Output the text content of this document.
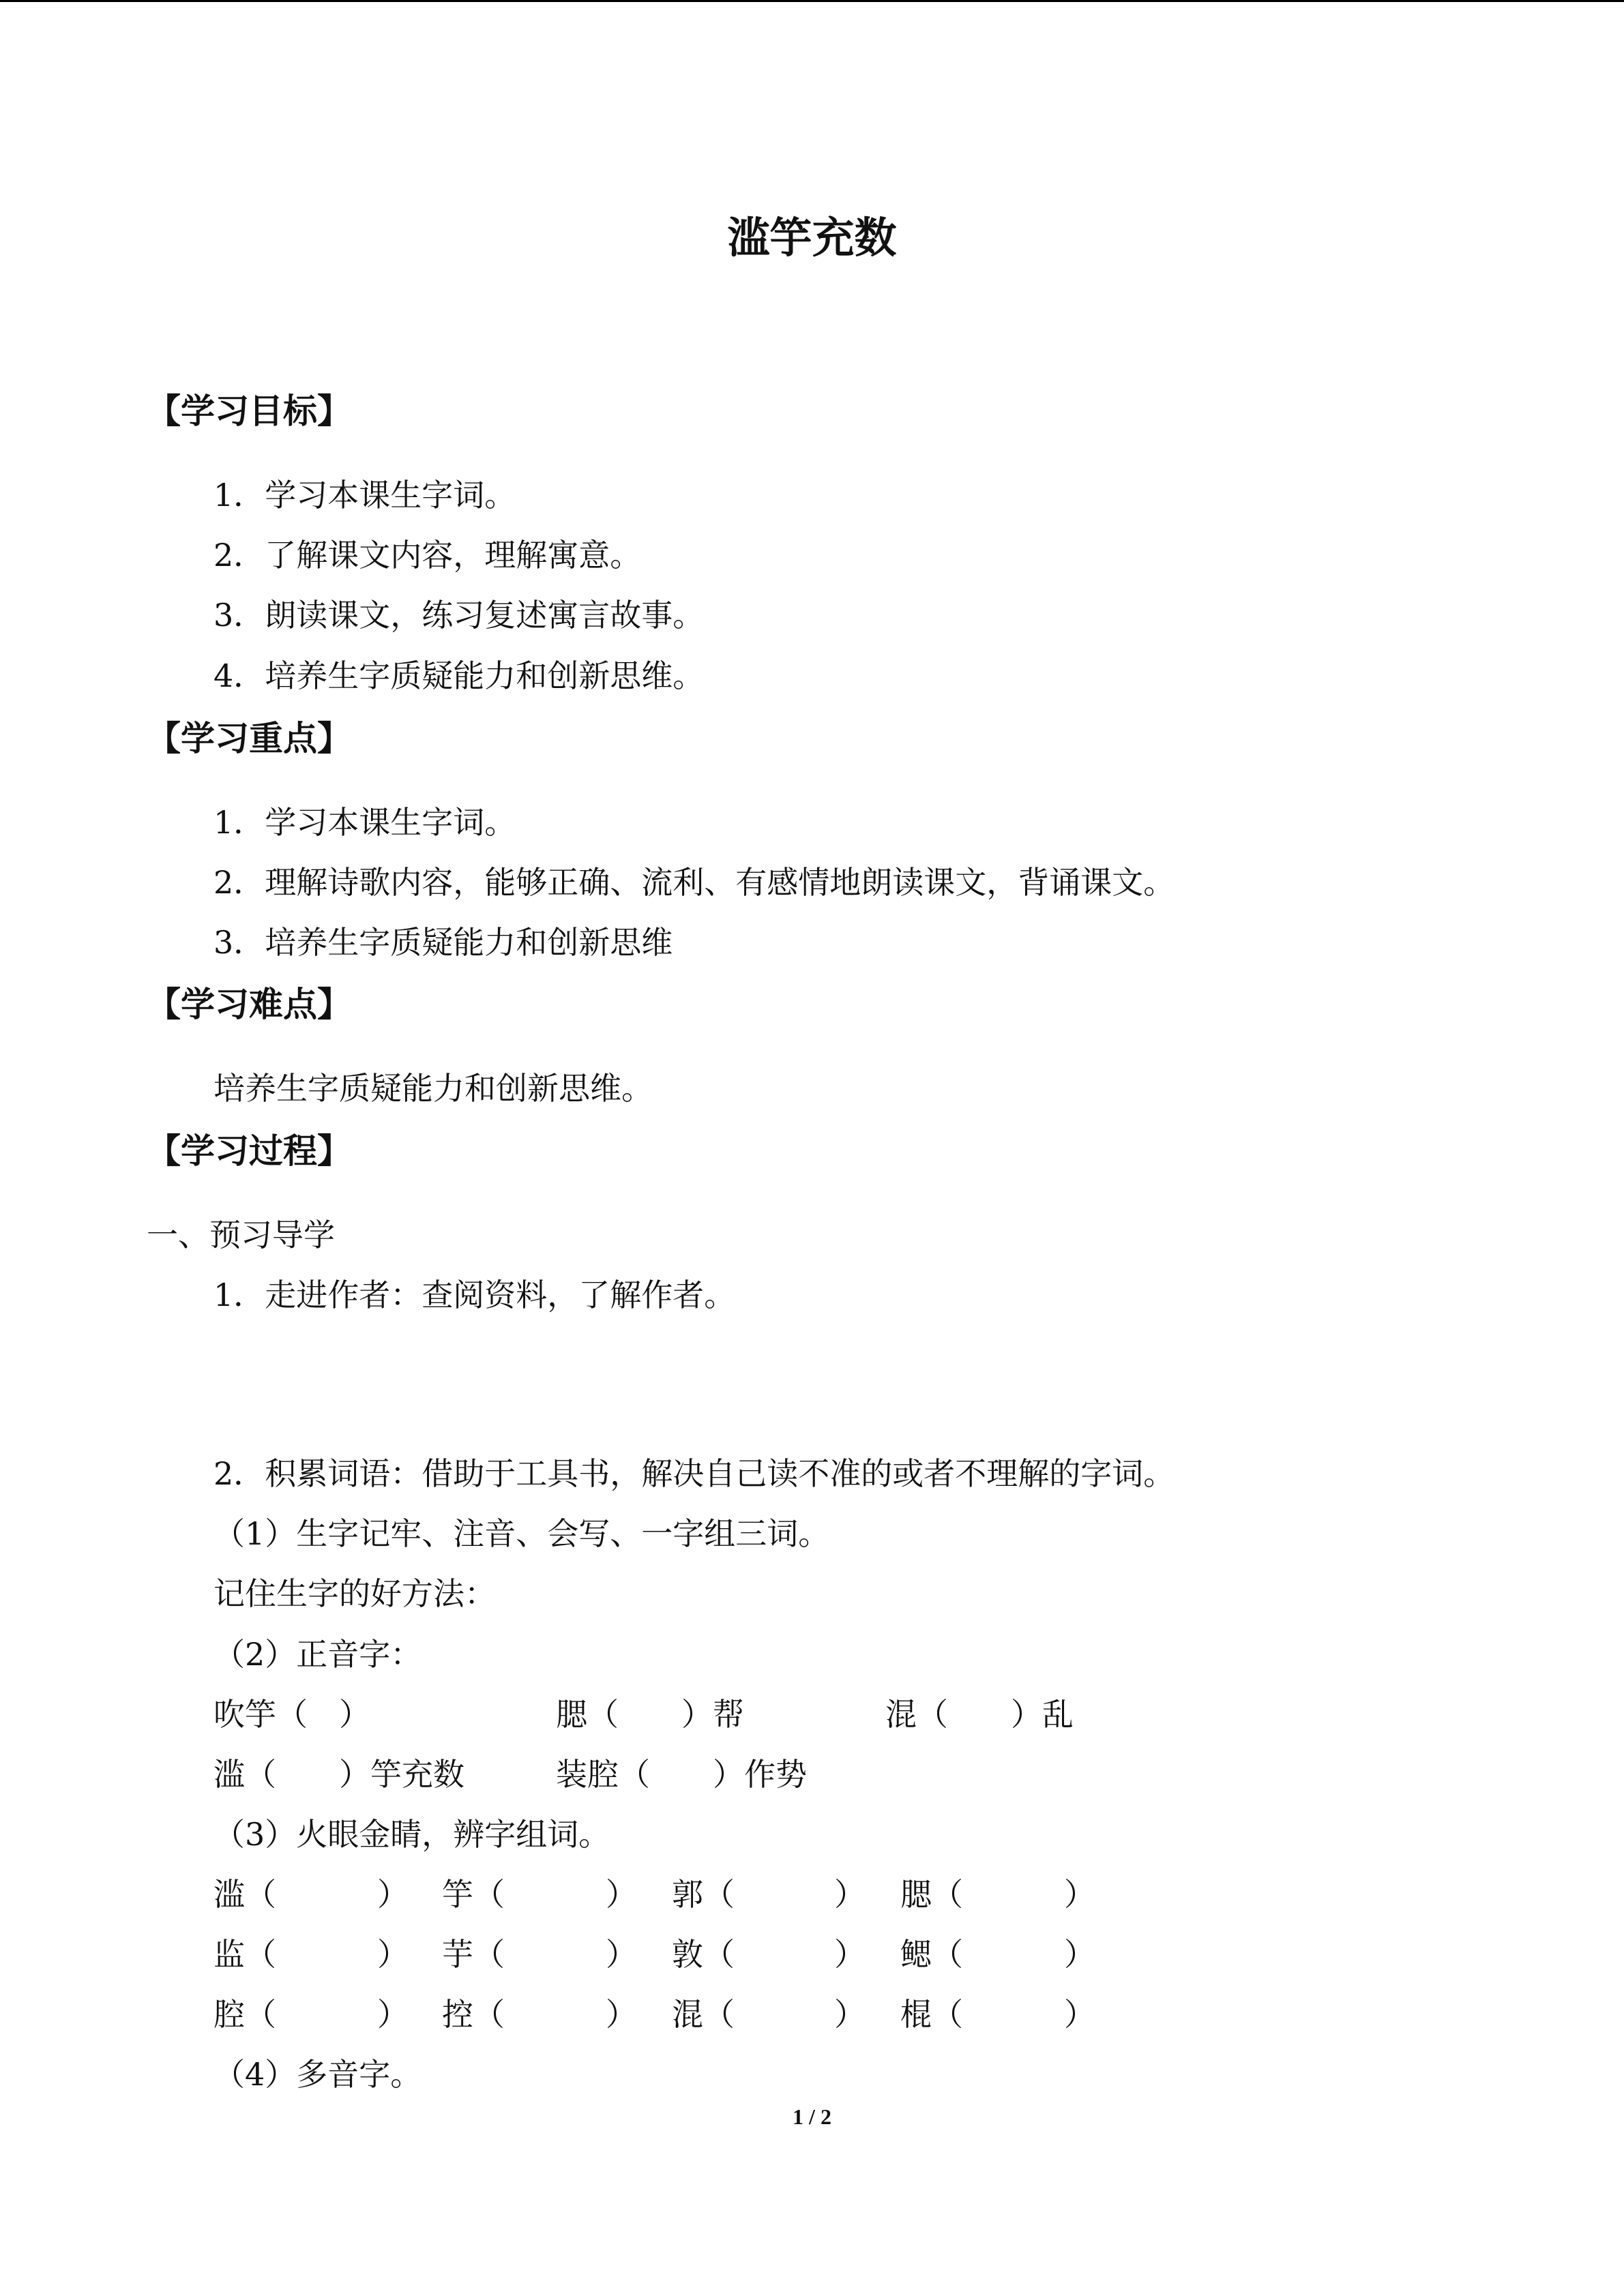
滥竽充数
【学习目标】
1．学习本课生字词。
2．了解课文内容，理解寓意。
3．朗读课文，练习复述寓言故事。
4．培养生字质疑能力和创新思维。
【学习重点】
1．学习本课生字词。
2．理解诗歌内容，能够正确、流利、有感情地朗读课文，背诵课文。
3．培养生字质疑能力和创新思维
【学习难点】
培养生字质疑能力和创新思维。
【学习过程】
一、预习导学
1．走进作者：查阅资料，了解作者。
2．积累词语：借助于工具书，解决自己读不准的或者不理解的字词。
（1）生字记牢、注音、会写、一字组三词。
记住生字的好方法：
（2）正音字：
吹竽（　）	腮（　　）帮	混（　　）乱
滥（　　）竽充数	装腔（　　）作势
（3）火眼金睛，辨字组词。
滥（	） 竽（	） 郭（	） 腮（	）
监（	） 芋（	） 敦（	） 鳃（	）
腔（	） 控（	） 混（	） 棍（	）
（4）多音字。
1 / 2
